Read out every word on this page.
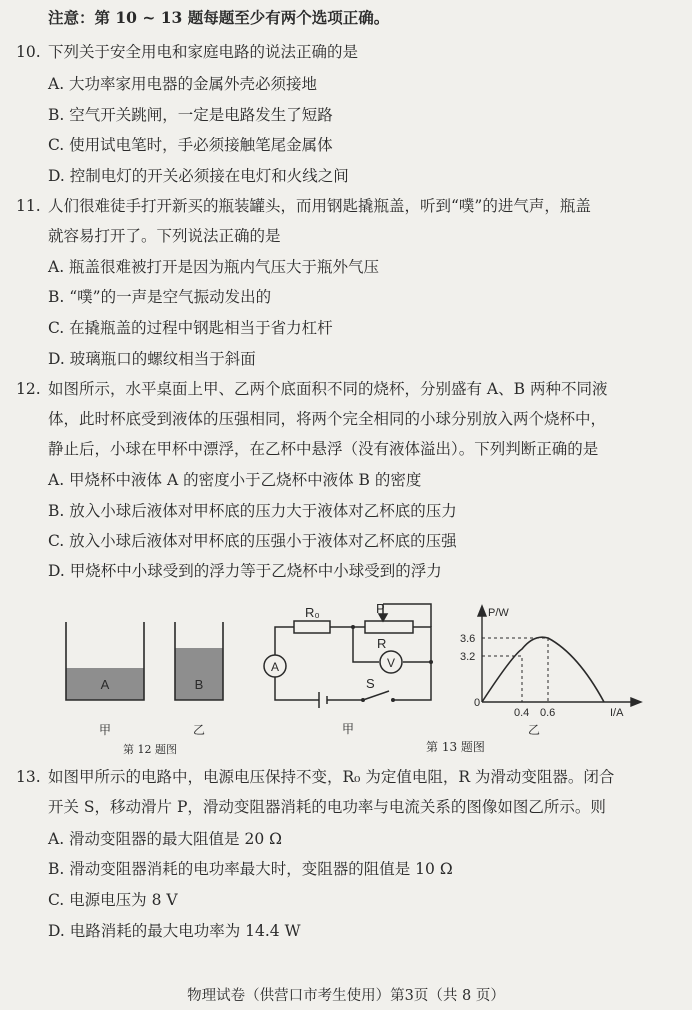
注意：第 10 ~ 13 题每题至少有两个选项正确。
10. 下列关于安全用电和家庭电路的说法正确的是
A. 大功率家用电器的金属外壳必须接地
B. 空气开关跳闸，一定是电路发生了短路
C. 使用试电笔时，手必须接触笔尾金属体
D. 控制电灯的开关必须接在电灯和火线之间
11. 人们很难徒手打开新买的瓶装罐头，而用钢匙撬瓶盖，听到“噗”的进气声，瓶盖
就容易打开了。下列说法正确的是
A. 瓶盖很难被打开是因为瓶内气压大于瓶外气压
B. “噗”的一声是空气振动发出的
C. 在撬瓶盖的过程中钢匙相当于省力杠杆
D. 玻璃瓶口的螺纹相当于斜面
12. 如图所示，水平桌面上甲、乙两个底面积不同的烧杯，分别盛有 A、B 两种不同液
体，此时杯底受到液体的压强相同，将两个完全相同的小球分别放入两个烧杯中，
静止后，小球在甲杯中漂浮，在乙杯中悬浮（没有液体溢出）。下列判断正确的是
A. 甲烧杯中液体 A 的密度小于乙烧杯中液体 B 的密度
B. 放入小球后液体对甲杯底的压力大于液体对乙杯底的压力
C. 放入小球后液体对甲杯底的压强小于液体对乙杯底的压强
D. 甲烧杯中小球受到的浮力等于乙烧杯中小球受到的浮力
A	B
甲	乙
第 12 题图
R₀	P
R
V
A
S
甲
P/W
I/A
0
3.6
3.2
0.4 0.6
乙
第 13 题图
13. 如图甲所示的电路中，电源电压保持不变，R₀ 为定值电阻，R 为滑动变阻器。闭合
开关 S，移动滑片 P，滑动变阻器消耗的电功率与电流关系的图像如图乙所示。则
A. 滑动变阻器的最大阻值是 20 Ω
B. 滑动变阻器消耗的电功率最大时，变阻器的阻值是 10 Ω
C. 电源电压为 8 V
D. 电路消耗的最大电功率为 14.4 W
物理试卷（供营口市考生使用）第3页（共 8 页）
